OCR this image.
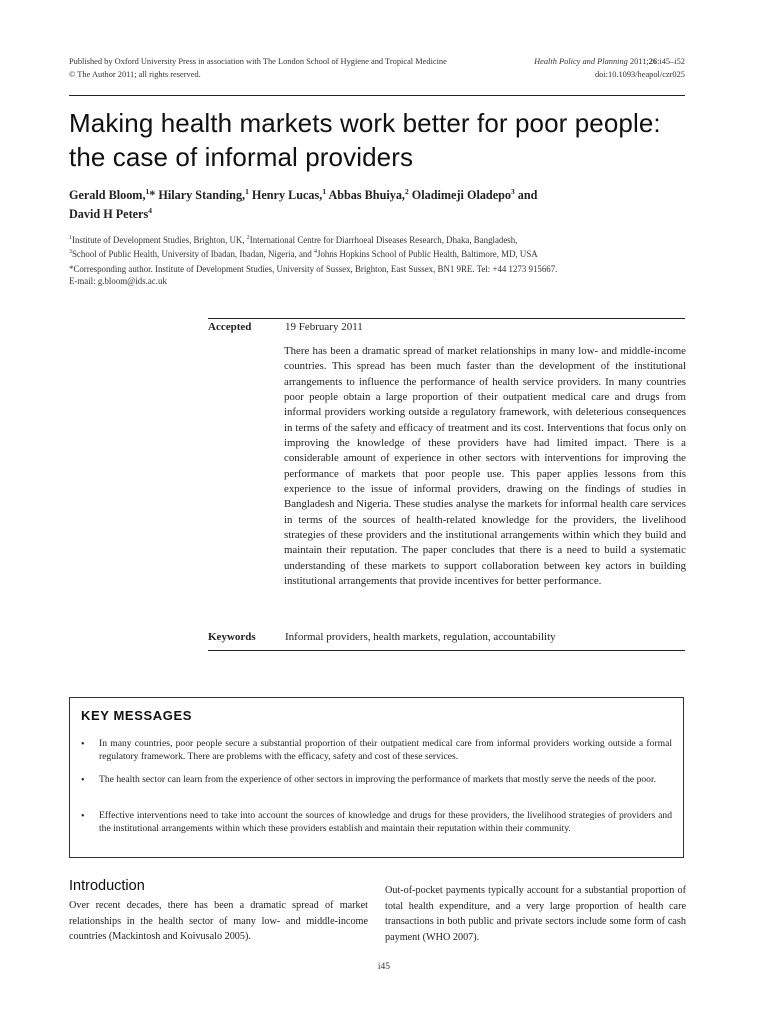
Published by Oxford University Press in association with The London School of Hygiene and Tropical Medicine
© The Author 2011; all rights reserved.
Health Policy and Planning 2011;26:i45–i52
doi:10.1093/heapol/czr025
Making health markets work better for poor people: the case of informal providers
Gerald Bloom,$^1$* Hilary Standing,$^1$ Henry Lucas,$^1$ Abbas Bhuiya,$^2$ Oladimeji Oladepo$^3$ and
David H Peters$^4$
$^1$Institute of Development Studies, Brighton, UK, $^2$International Centre for Diarrhoeal Diseases Research, Dhaka, Bangladesh,
$^3$School of Public Health, University of Ibadan, Ibadan, Nigeria, and $^4$Johns Hopkins School of Public Health, Baltimore, MD, USA
*Corresponding author. Institute of Development Studies, University of Sussex, Brighton, East Sussex, BN1 9RE. Tel: +44 1273 915667.
E-mail: g.bloom@ids.ac.uk
Accepted	19 February 2011

There has been a dramatic spread of market relationships in many low- and middle-income countries. This spread has been much faster than the development of the institutional arrangements to influence the performance of health service providers. In many countries poor people obtain a large proportion of their outpatient medical care and drugs from informal providers working outside a regulatory framework, with deleterious consequences in terms of the safety and efficacy of treatment and its cost. Interventions that focus only on improving the knowledge of these providers have had limited impact. There is a considerable amount of experience in other sectors with interventions for improving the performance of markets that poor people use. This paper applies lessons from this experience to the issue of informal providers, drawing on the findings of studies in Bangladesh and Nigeria. These studies analyse the markets for informal health care services in terms of the sources of health-related knowledge for the providers, the livelihood strategies of these providers and the institutional arrangements within which they build and maintain their reputation. The paper concludes that there is a need to build a systematic understanding of these markets to support collaboration between key actors in building institutional arrangements that provide incentives for better performance.

Keywords	Informal providers, health markets, regulation, accountability
KEY MESSAGES
• In many countries, poor people secure a substantial proportion of their outpatient medical care from informal providers working outside a formal regulatory framework. There are problems with the efficacy, safety and cost of these services.

• The health sector can learn from the experience of other sectors in improving the performance of markets that mostly serve the needs of the poor.

• Effective interventions need to take into account the sources of knowledge and drugs for these providers, the livelihood strategies of providers and the institutional arrangements within which these providers establish and maintain their reputation within their community.

Introduction

Over recent decades, there has been a dramatic spread of market relationships in the health sector of many low- and middle-income countries (Mackintosh and Koivusalo 2005).

Out-of-pocket payments typically account for a substantial proportion of total health expenditure, and a very large proportion of health care transactions in both public and private sectors include some form of cash payment (WHO 2007).

i45
